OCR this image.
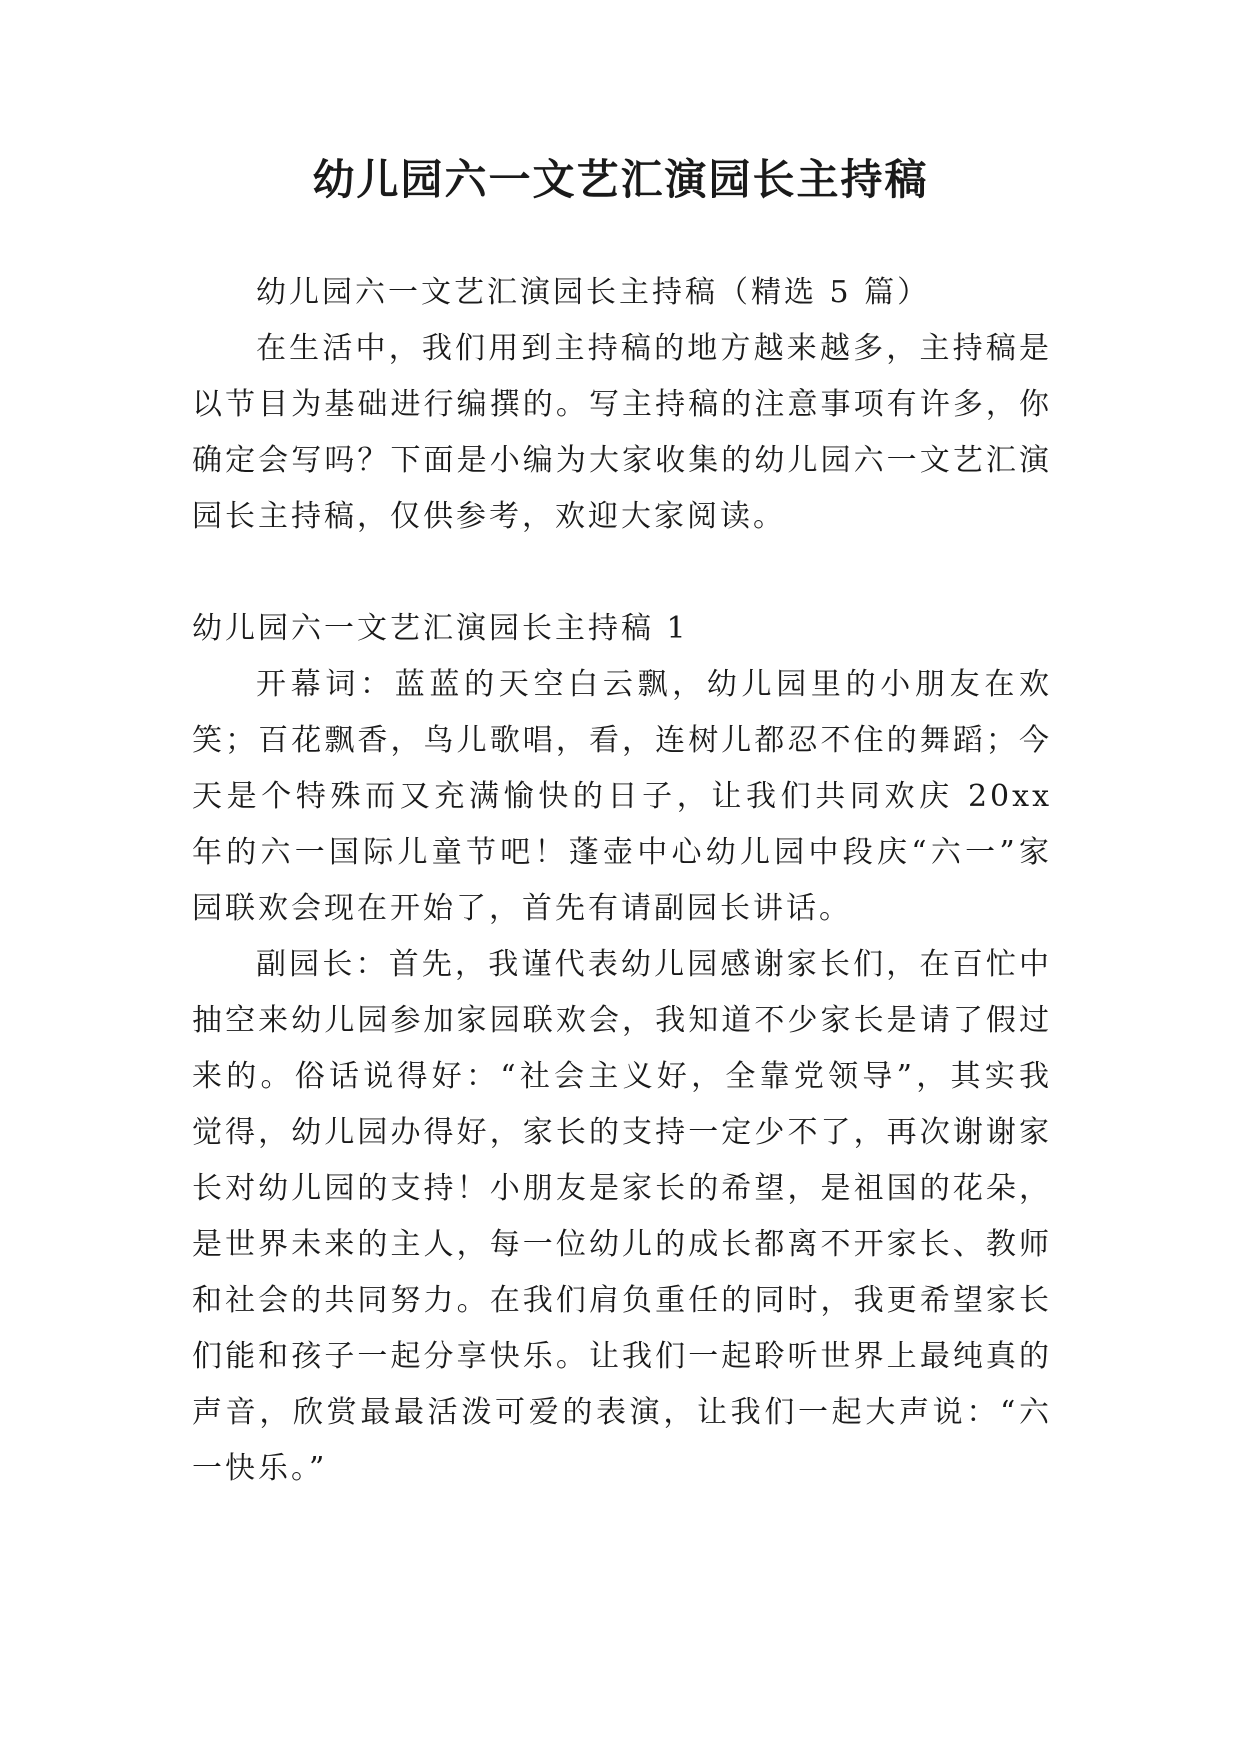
幼儿园六一文艺汇演园长主持稿

幼儿园六一文艺汇演园长主持稿（精选 5 篇）

在生活中，我们用到主持稿的地方越来越多，主持稿是以节目为基础进行编撰的。写主持稿的注意事项有许多，你确定会写吗？下面是小编为大家收集的幼儿园六一文艺汇演园长主持稿，仅供参考，欢迎大家阅读。

幼儿园六一文艺汇演园长主持稿 1

开幕词：蓝蓝的天空白云飘，幼儿园里的小朋友在欢笑；百花飘香，鸟儿歌唱，看，连树儿都忍不住的舞蹈；今天是个特殊而又充满愉快的日子，让我们共同欢庆 20xx 年的六一国际儿童节吧！蓬壶中心幼儿园中段庆“六一”家园联欢会现在开始了，首先有请副园长讲话。

副园长：首先，我谨代表幼儿园感谢家长们，在百忙中抽空来幼儿园参加家园联欢会，我知道不少家长是请了假过来的。俗话说得好：“社会主义好，全靠党领导”，其实我觉得，幼儿园办得好，家长的支持一定少不了，再次谢谢家长对幼儿园的支持！小朋友是家长的希望，是祖国的花朵，是世界未来的主人，每一位幼儿的成长都离不开家长、教师和社会的共同努力。在我们肩负重任的同时，我更希望家长们能和孩子一起分享快乐。让我们一起聆听世界上最纯真的声音，欣赏最最活泼可爱的表演，让我们一起大声说：“六一快乐。”
